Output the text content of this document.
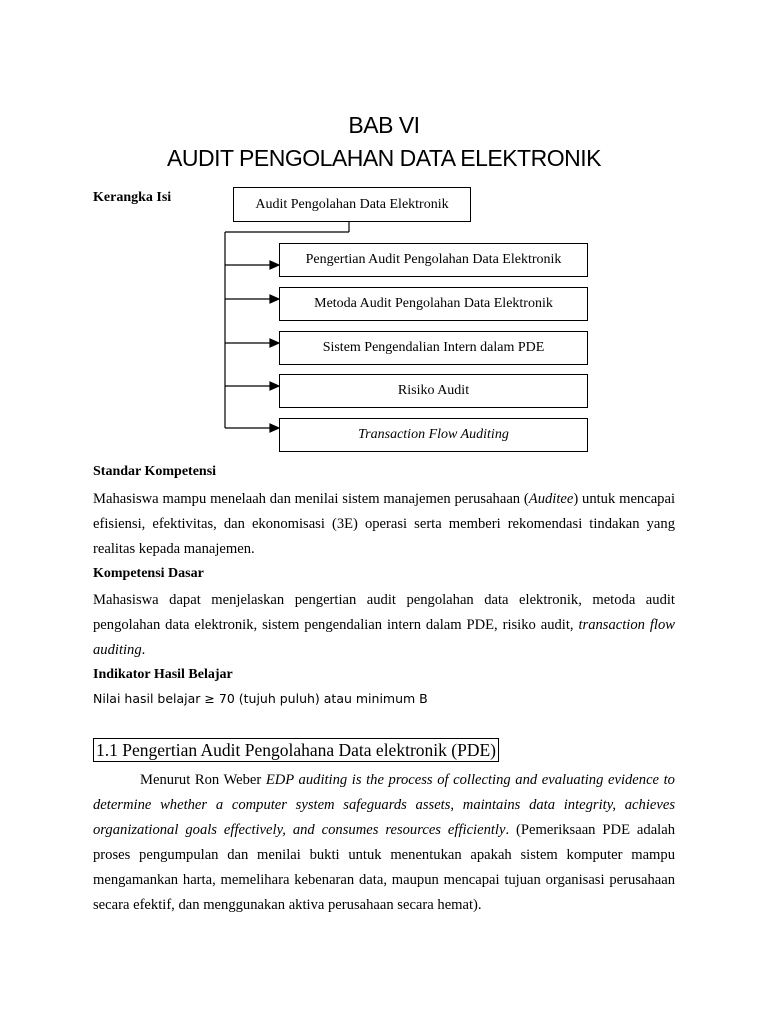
BAB VI
AUDIT PENGOLAHAN DATA ELEKTRONIK
Kerangka Isi	Audit Pengolahan Data Elektronik
Pengertian Audit Pengolahan Data Elektronik
Metoda Audit Pengolahan Data Elektronik
Sistem Pengendalian Intern dalam PDE
Risiko Audit
Transaction Flow Auditing
Standar Kompetensi
Mahasiswa mampu menelaah dan menilai sistem manajemen perusahaan (Auditee) untuk mencapai efisiensi, efektivitas, dan ekonomisasi (3E) operasi serta memberi rekomendasi tindakan yang realitas kepada manajemen.
Kompetensi Dasar
Mahasiswa dapat menjelaskan pengertian audit pengolahan data elektronik, metoda audit pengolahan data elektronik, sistem pengendalian intern dalam PDE, risiko audit, transaction flow auditing.
Indikator Hasil Belajar
Nilai hasil belajar ≥ 70 (tujuh puluh) atau minimum B
1.1 Pengertian Audit Pengolahana Data elektronik (PDE)
Menurut Ron Weber EDP auditing is the process of collecting and evaluating evidence to determine whether a computer system safeguards assets, maintains data integrity, achieves organizational goals effectively, and consumes resources efficiently. (Pemeriksaan PDE adalah proses pengumpulan dan menilai bukti untuk menentukan apakah sistem komputer mampu mengamankan harta, memelihara kebenaran data, maupun mencapai tujuan organisasi perusahaan secara efektif, dan menggunakan aktiva perusahaan secara hemat).
